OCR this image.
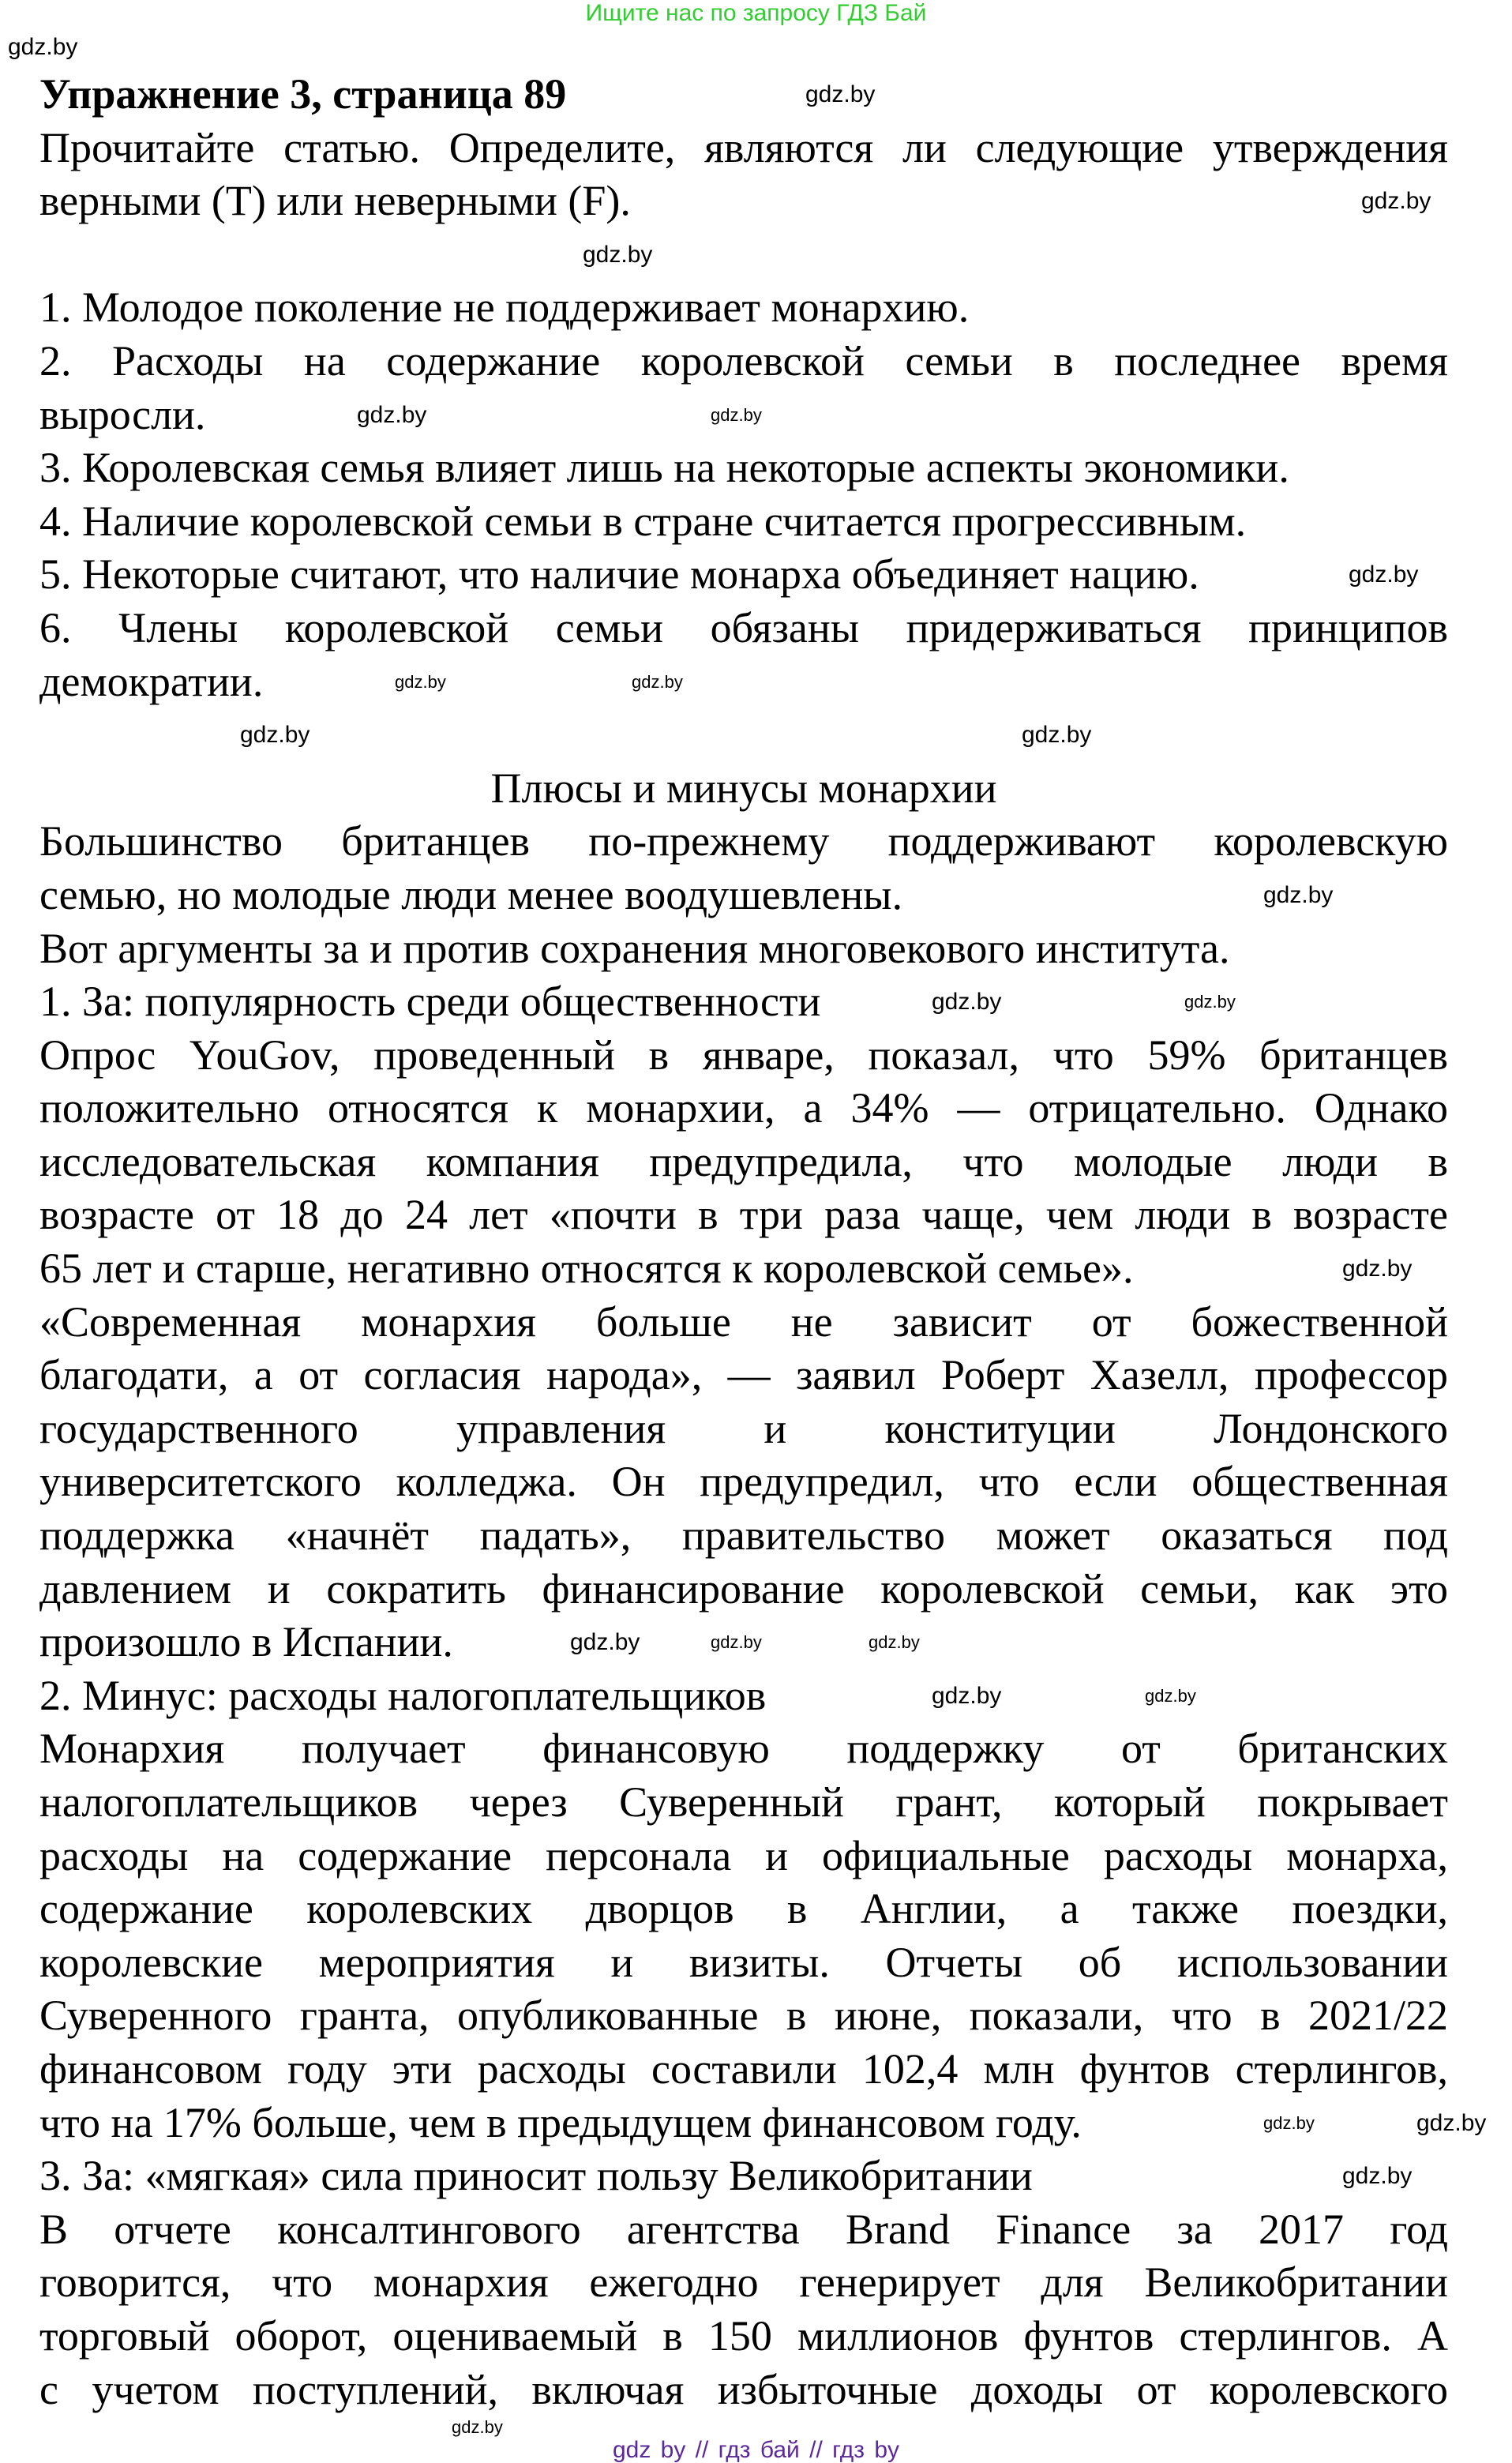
Ищите нас по запросу ГДЗ Бай
Упражнение 3, страница 89
Прочитайте статью. Определите, являются ли следующие утверждения
верными (T) или неверными (F).
1. Молодое поколение не поддерживает монархию.
2. Расходы на содержание королевской семьи в последнее время
выросли.
3. Королевская семья влияет лишь на некоторые аспекты экономики.
4. Наличие королевской семьи в стране считается прогрессивным.
5. Некоторые считают, что наличие монарха объединяет нацию.
6. Члены королевской семьи обязаны придерживаться принципов
демократии.
Плюсы и минусы монархии
Большинство британцев по-прежнему поддерживают королевскую
семью, но молодые люди менее воодушевлены.
Вот аргументы за и против сохранения многовекового института.
1. За: популярность среди общественности
Опрос YouGov, проведенный в январе, показал, что 59% британцев
положительно относятся к монархии, а 34% — отрицательно. Однако
исследовательская компания предупредила, что молодые люди в
возрасте от 18 до 24 лет «почти в три раза чаще, чем люди в возрасте
65 лет и старше, негативно относятся к королевской семье».
«Современная монархия больше не зависит от божественной
благодати, а от согласия народа», — заявил Роберт Хазелл, профессор
государственного управления и конституции Лондонского
университетского колледжа. Он предупредил, что если общественная
поддержка «начнёт падать», правительство может оказаться под
давлением и сократить финансирование королевской семьи, как это
произошло в Испании.
2. Минус: расходы налогоплательщиков
Монархия получает финансовую поддержку от британских
налогоплательщиков через Суверенный грант, который покрывает
расходы на содержание персонала и официальные расходы монарха,
содержание королевских дворцов в Англии, а также поездки,
королевские мероприятия и визиты. Отчеты об использовании
Суверенного гранта, опубликованные в июне, показали, что в 2021/22
финансовом году эти расходы составили 102,4 млн фунтов стерлингов,
что на 17% больше, чем в предыдущем финансовом году.
3. За: «мягкая» сила приносит пользу Великобритании
В отчете консалтингового агентства Brand Finance за 2017 год
говорится, что монархия ежегодно генерирует для Великобритании
торговый оборот, оцениваемый в 150 миллионов фунтов стерлингов. А
с учетом поступлений, включая избыточные доходы от королевского
gdz.by
gdz.by
gdz.by
gdz.by
gdz.by	gdz.by
gdz.by
gdz.by	gdz.by
gdz.by	gdz.by
gdz.by
gdz.by	gdz.by
gdz.by
gdz.by	gdz.by	gdz.by
gdz.by	gdz.by
gdz.by	gdz.by
gdz.by
gdz.by
gdz by // гдз бай // гдз by
